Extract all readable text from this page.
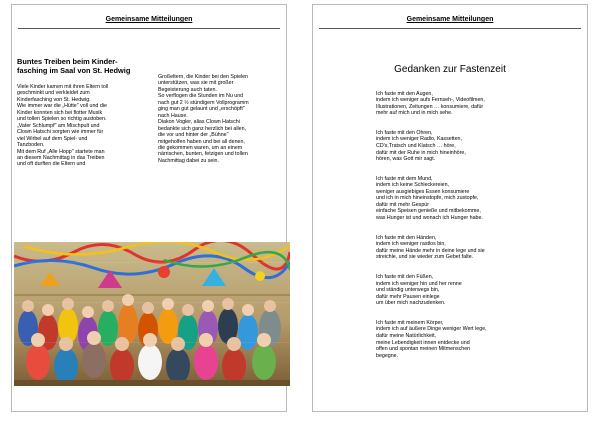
Gemeinsame Mitteilungen
Buntes Treiben beim Kinder-
fasching im Saal von St. Hedwig
Viele Kinder kamen mit ihren Eltern toll
geschminkt und verkleidet zum
Kinderfasching von St. Hedwig.
Wie immer war die „Hütte" voll und die
Kinder konnten sich bei flotter Musik
und tollen Spielen so richtig austoben.
„Vater Schlumpf" am Mischpult und
Clown Hatschi sorgten wie immer für
viel Wirbel auf dem Spiel- und
Tanzboden.
Mit dem Ruf „Alle Hopp" startete man
an diesem Nachmittag in das Treiben
und oft durften die Eltern und
Großeltern, die Kinder bei den Spielen
unterstützen, was sie mit großer
Begeisterung auch taten.
So verflogen die Stunden im Nu und
nach gut 2 ½ stündigem Vollprogramm
ging man gut gelaunt und „erschöpft"
nach Hause.
Diakon Vogler, alias Clown Hatschi
bedankte sich ganz herzlich bei allen,
die vor und hinter der „Bühne"
mitgeholfen haben und bei all denen,
die gekommen waren, um an einem
närrischen, bunten, fetzigen und tollen
Nachmittag dabei zu sein.
Gemeinsame Mitteilungen
Gedanken zur Fastenzeit

Ich faste mit den Augen,
indem ich weniger aufs Fernseh-, Videofilmen,
Illustrationen, Zeitungen … konsumiere, dafür
mehr auf mich und in mich sehe.

Ich faste mit den Ohren,
indem ich weniger Radio, Kassetten,
CD's,Tratsch und Klatsch … höre,
dafür mit der Ruhe in mich hineinhöre,
hören, was Gott mir sagt.

Ich faste mit dem Mund,
indem ich keine Schleckereien,
weniger ausgiebiges Essen konsumiere
und ich in mich hineinstopfe, mich zustopfe,
dafür mit mehr Gespür
einfache Speisen genieße und mitbekomme,
was Hunger ist und wonach ich Hunger habe.

Ich faste mit den Händen,
indem ich weniger rastlos bin,
dafür meine Hände mehr in deine lege und sie
streichle, und sie wieder zum Gebet falte.

Ich faste mit den Füßen,
indem ich weniger hin und her renne
und ständig unterwegs bin,
dafür mehr Pausen einlege
um über mich nachzudenken.

Ich faste mit meinem Körper,
indem ich auf äußere Dinge weniger Wert lege,
dafür meine Natürlichkeit,
meine Lebendigkeit innen entdecke und
offen und spontan meinen Mitmenschen
begegne.
